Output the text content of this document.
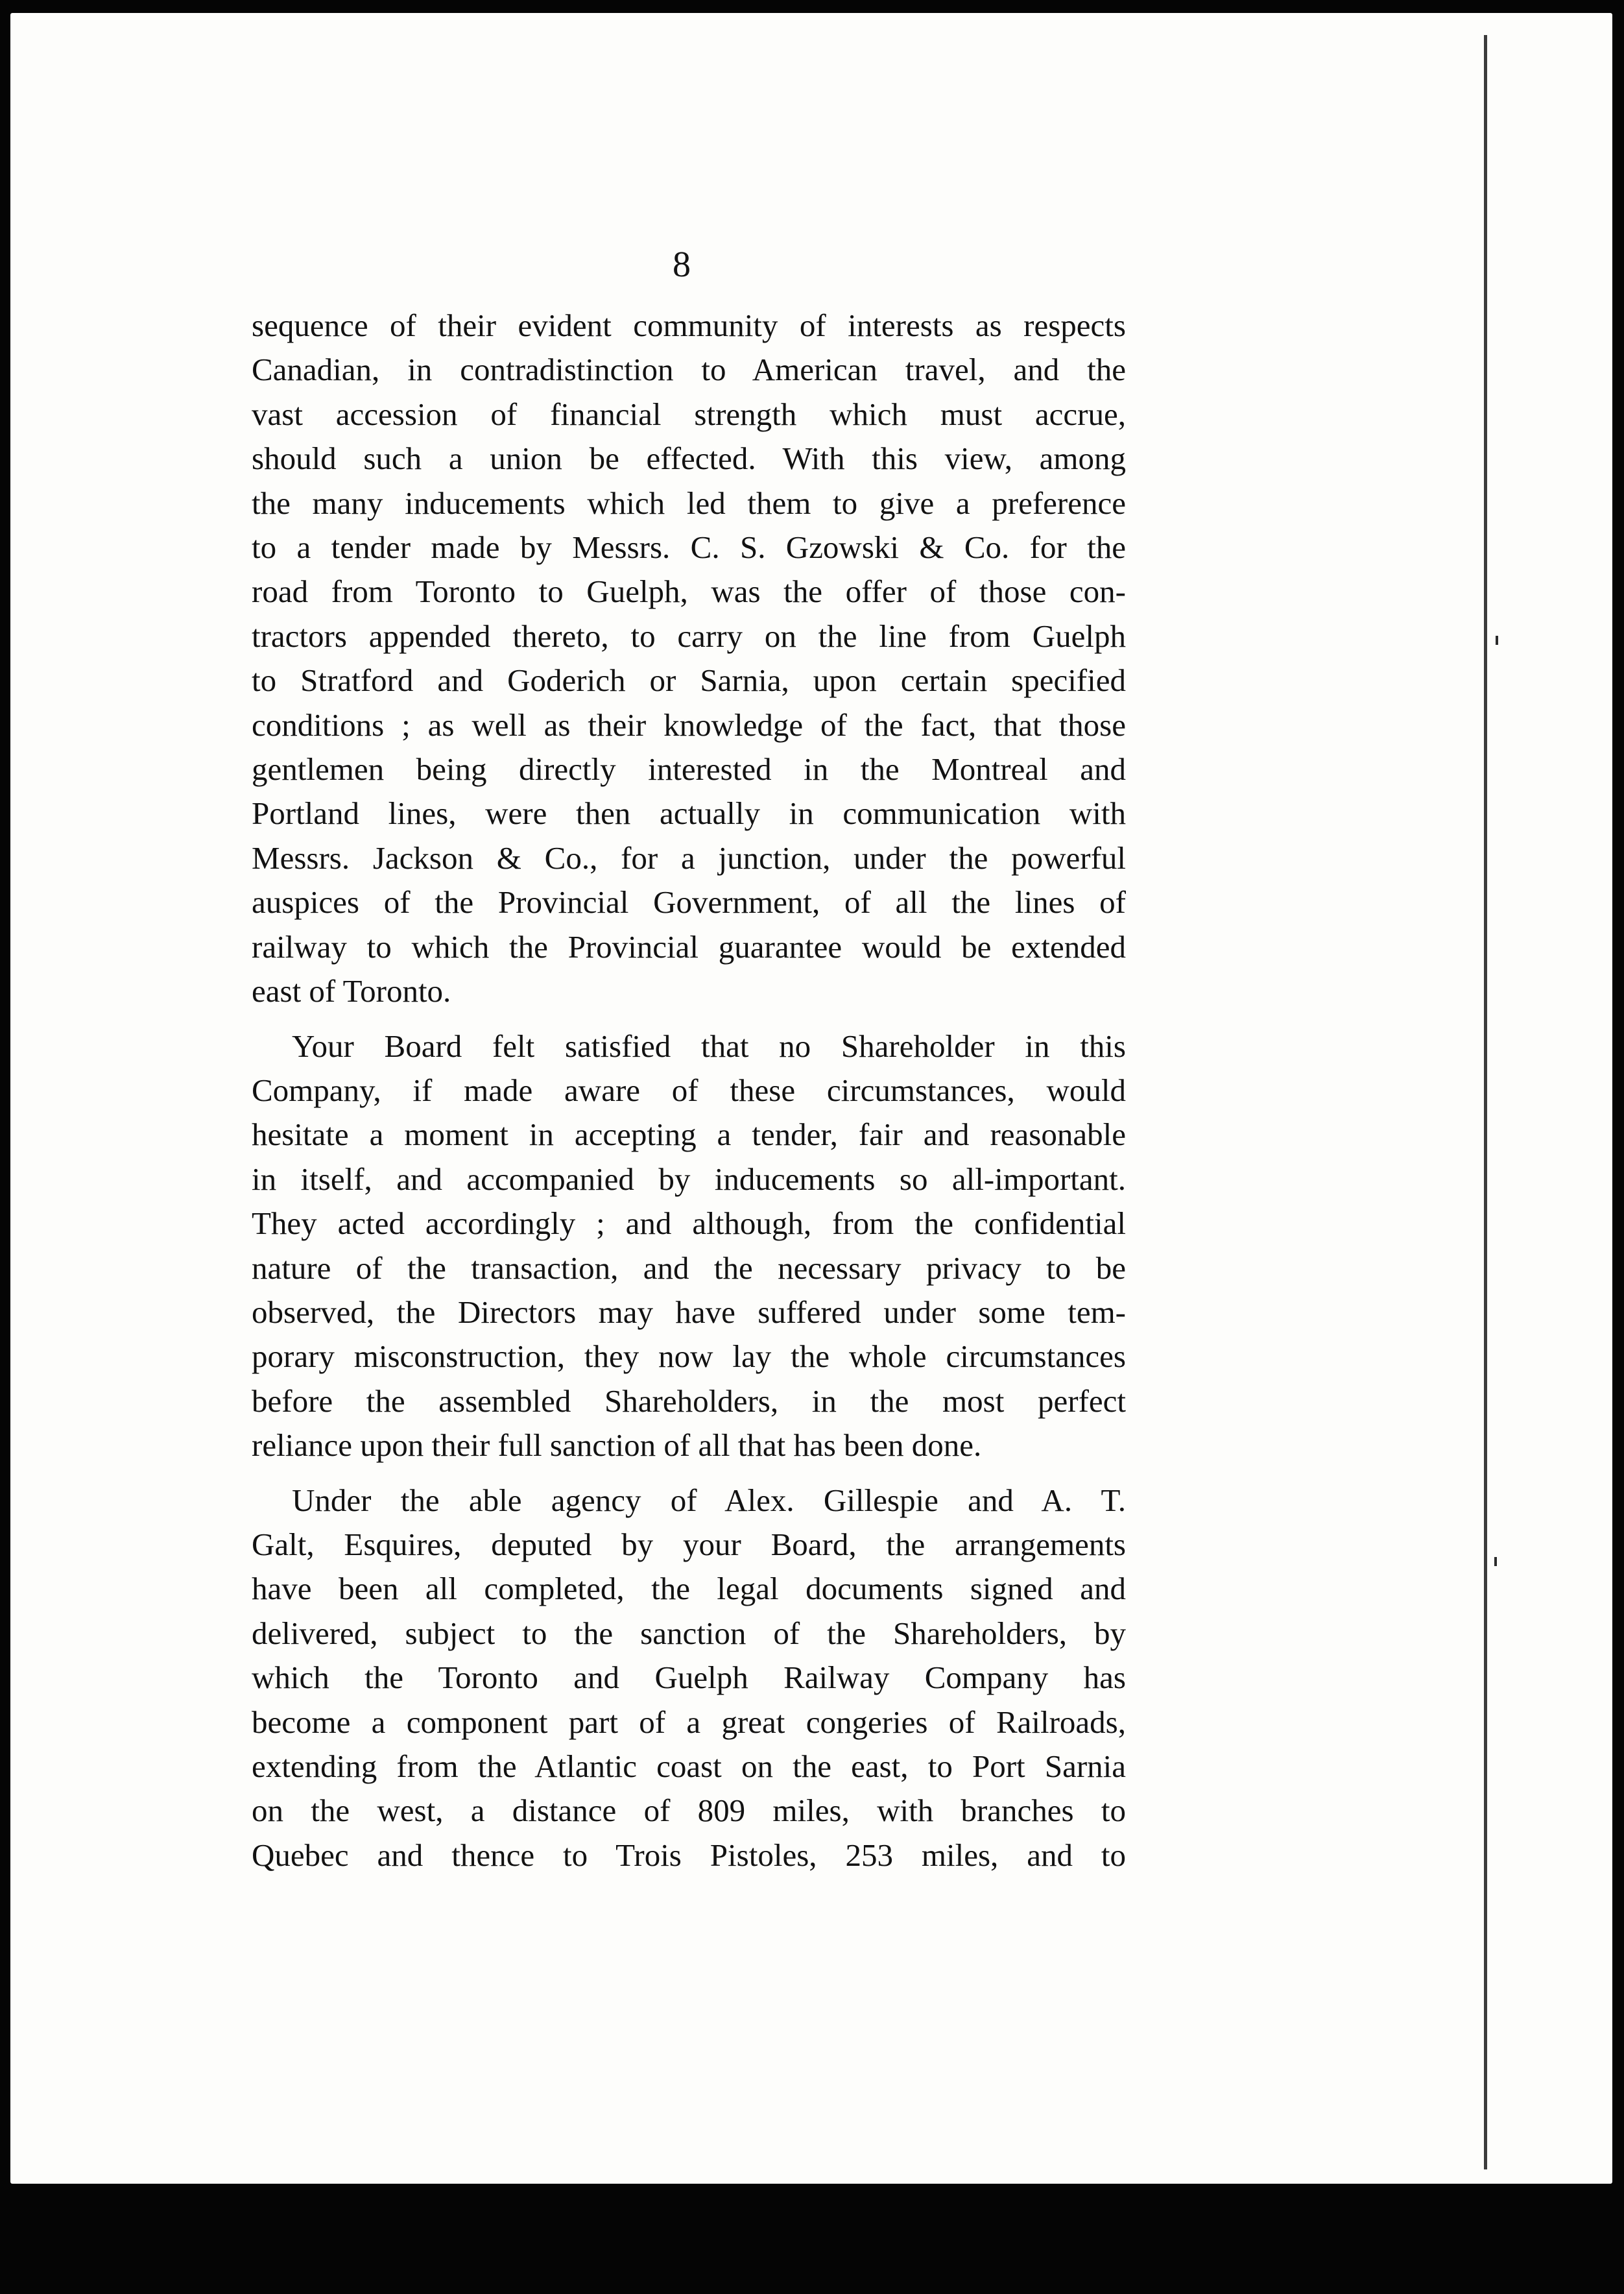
8

sequence of their evident community of interests as respects
Canadian, in contradistinction to American travel, and the
vast accession of financial strength which must accrue,
should such a union be effected. With this view, among
the many inducements which led them to give a preference
to a tender made by Messrs. C. S. Gzowski & Co. for the
road from Toronto to Guelph, was the offer of those con-
tractors appended thereto, to carry on the line from Guelph
to Stratford and Goderich or Sarnia, upon certain specified
conditions ; as well as their knowledge of the fact, that those
gentlemen being directly interested in the Montreal and
Portland lines, were then actually in communication with
Messrs. Jackson & Co., for a junction, under the powerful
auspices of the Provincial Government, of all the lines of
railway to which the Provincial guarantee would be extended
east of Toronto.

Your Board felt satisfied that no Shareholder in this
Company, if made aware of these circumstances, would
hesitate a moment in accepting a tender, fair and reasonable
in itself, and accompanied by inducements so all-important.
They acted accordingly ; and although, from the confidential
nature of the transaction, and the necessary privacy to be
observed, the Directors may have suffered under some tem-
porary misconstruction, they now lay the whole circumstances
before the assembled Shareholders, in the most perfect
reliance upon their full sanction of all that has been done.

Under the able agency of Alex. Gillespie and A. T.
Galt, Esquires, deputed by your Board, the arrangements
have been all completed, the legal documents signed and
delivered, subject to the sanction of the Shareholders, by
which the Toronto and Guelph Railway Company has
become a component part of a great congeries of Railroads,
extending from the Atlantic coast on the east, to Port Sarnia
on the west, a distance of 809 miles, with branches to
Quebec and thence to Trois Pistoles, 253 miles, and to
